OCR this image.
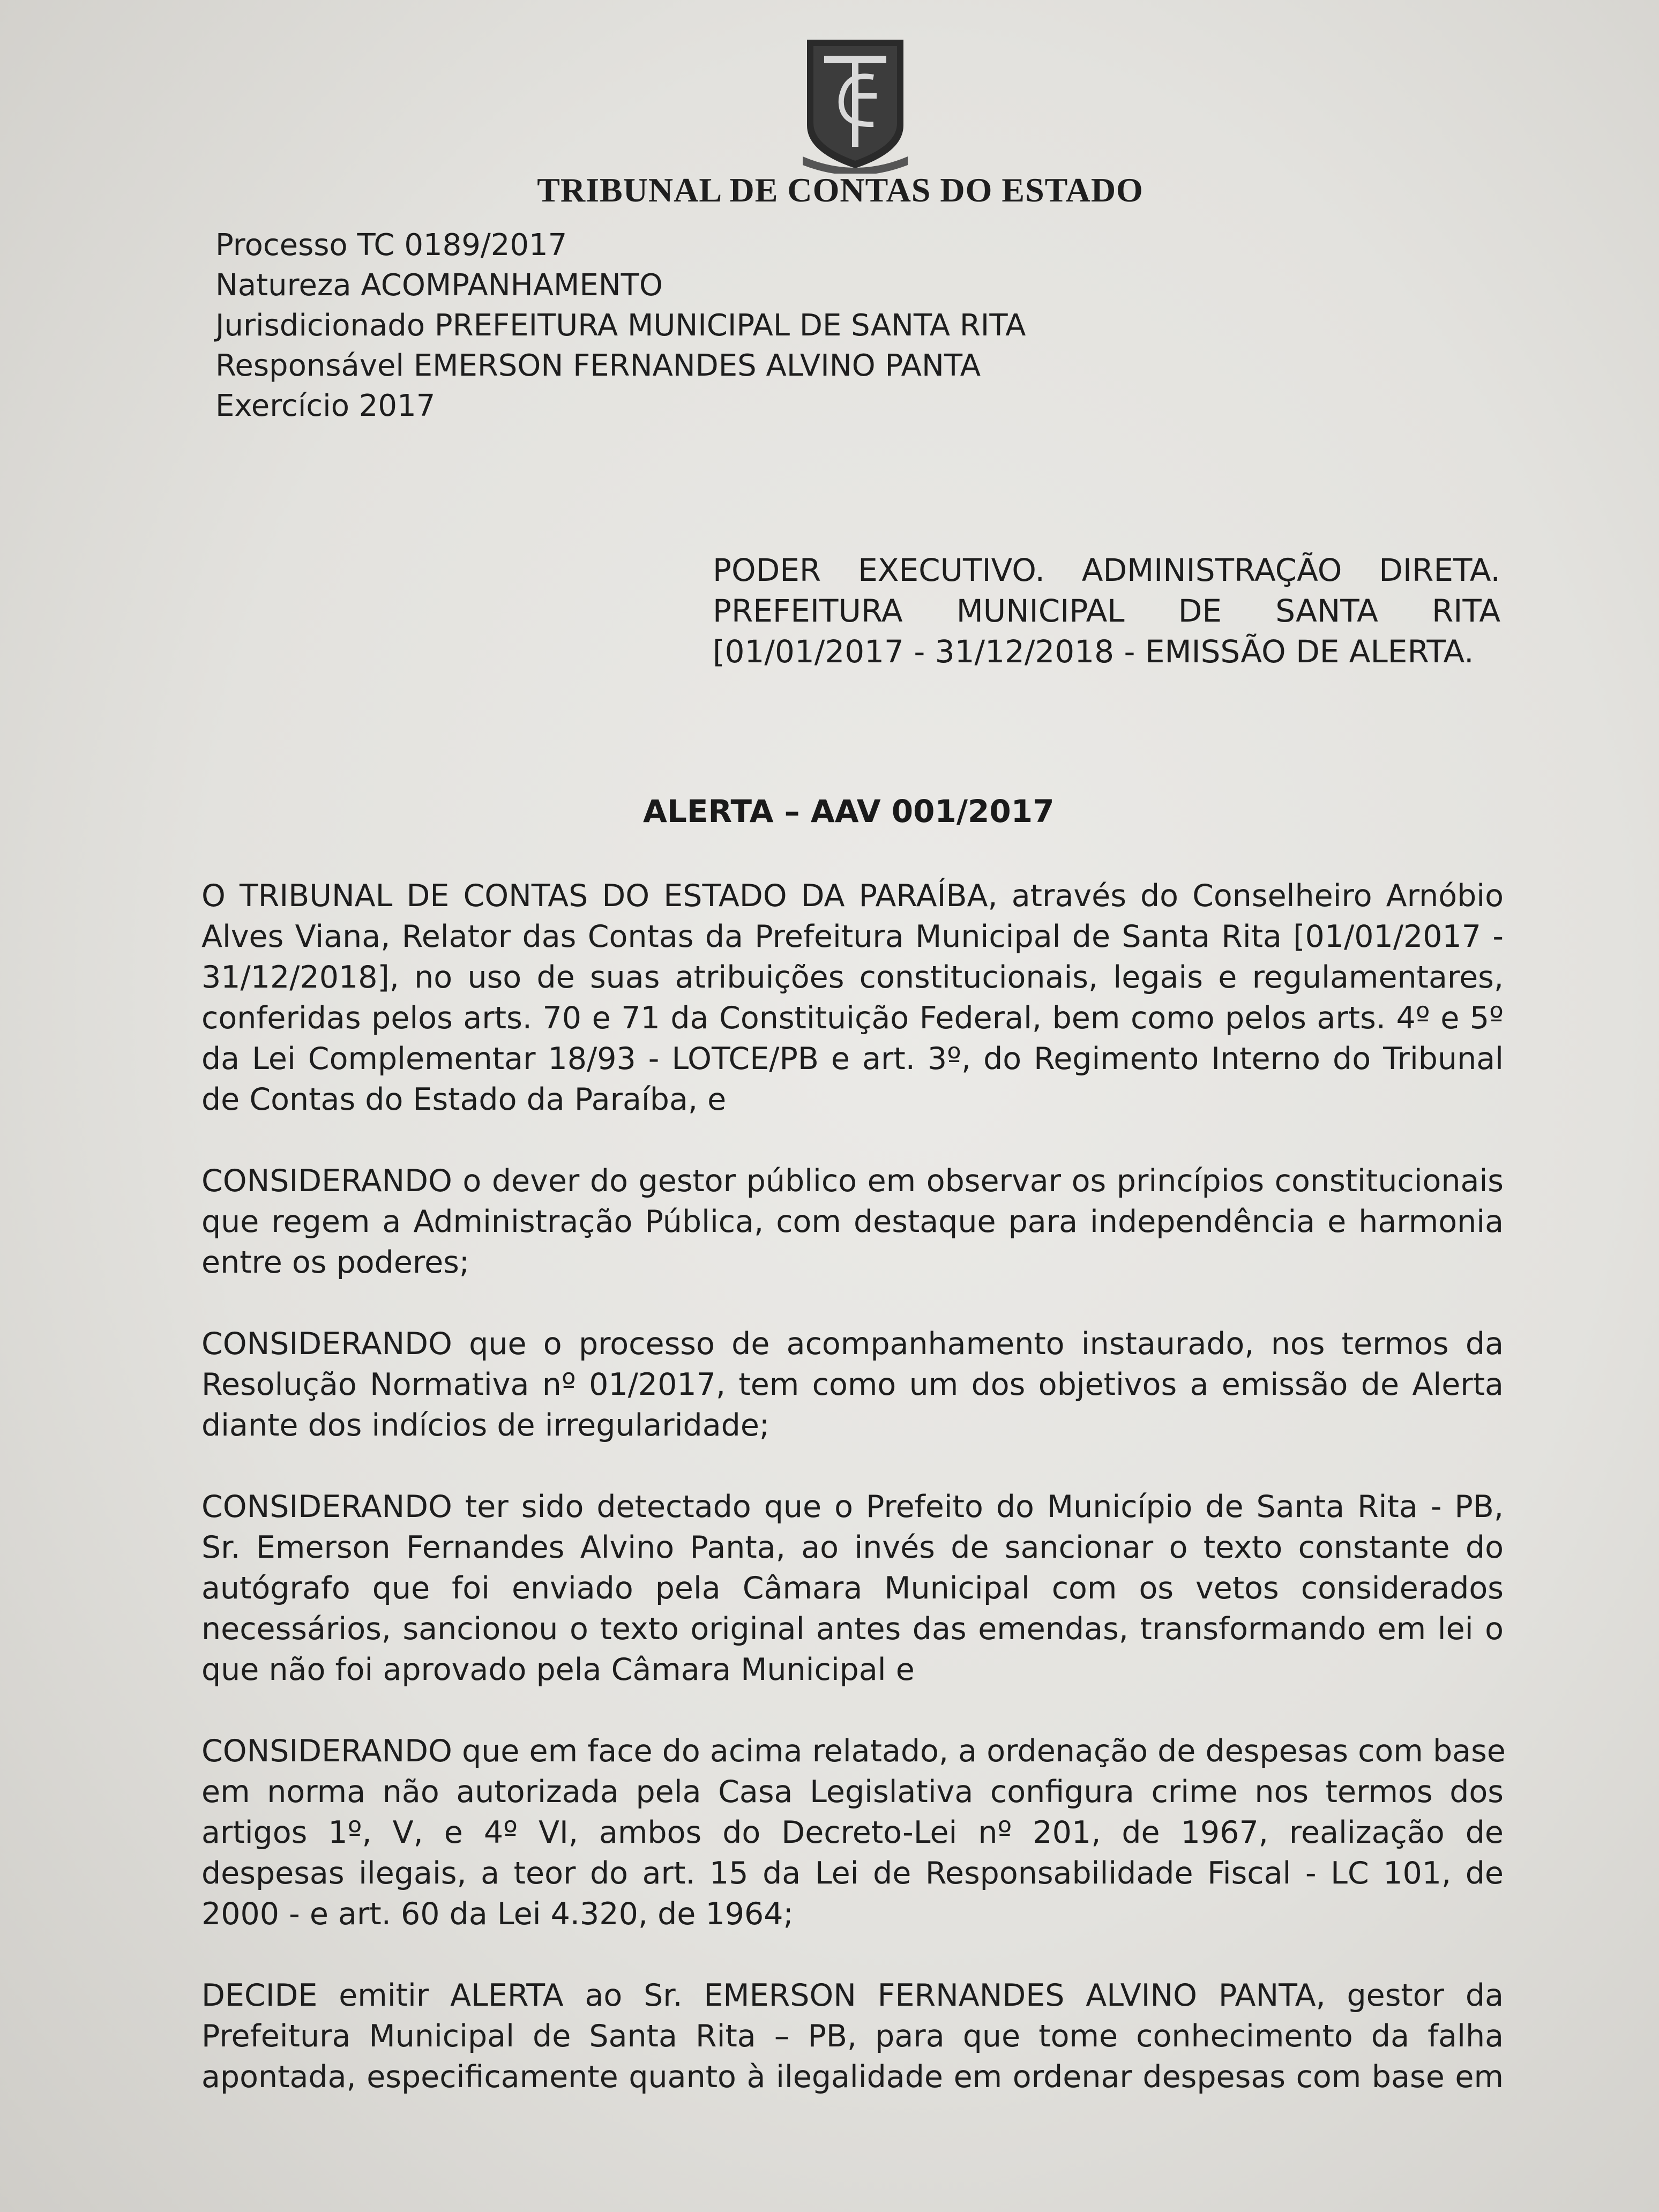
TRIBUNAL DE CONTAS DO ESTADO
Processo TC 0189/2017
Natureza ACOMPANHAMENTO
Jurisdicionado PREFEITURA MUNICIPAL DE SANTA RITA
Responsável EMERSON FERNANDES ALVINO PANTA
Exercício 2017
PODER EXECUTIVO. ADMINISTRAÇÃO DIRETA.
PREFEITURA MUNICIPAL DE SANTA RITA
[01/01/2017 - 31/12/2018 - EMISSÃO DE ALERTA.
ALERTA – AAV 001/2017
O TRIBUNAL DE CONTAS DO ESTADO DA PARAÍBA, através do Conselheiro Arnóbio
Alves Viana, Relator das Contas da Prefeitura Municipal de Santa Rita [01/01/2017 -
31/12/2018], no uso de suas atribuições constitucionais, legais e regulamentares,
conferidas pelos arts. 70 e 71 da Constituição Federal, bem como pelos arts. 4º e 5º
da Lei Complementar 18/93 - LOTCE/PB e art. 3º, do Regimento Interno do Tribunal
de Contas do Estado da Paraíba, e
CONSIDERANDO o dever do gestor público em observar os princípios constitucionais
que regem a Administração Pública, com destaque para independência e harmonia
entre os poderes;
CONSIDERANDO que o processo de acompanhamento instaurado, nos termos da
Resolução Normativa nº 01/2017, tem como um dos objetivos a emissão de Alerta
diante dos indícios de irregularidade;
CONSIDERANDO ter sido detectado que o Prefeito do Município de Santa Rita - PB,
Sr. Emerson Fernandes Alvino Panta, ao invés de sancionar o texto constante do
autógrafo que foi enviado pela Câmara Municipal com os vetos considerados
necessários, sancionou o texto original antes das emendas, transformando em lei o
que não foi aprovado pela Câmara Municipal e
CONSIDERANDO que em face do acima relatado, a ordenação de despesas com base
em norma não autorizada pela Casa Legislativa configura crime nos termos dos
artigos 1º, V, e 4º VI, ambos do Decreto-Lei nº 201, de 1967, realização de
despesas ilegais, a teor do art. 15 da Lei de Responsabilidade Fiscal - LC 101, de
2000 - e art. 60 da Lei 4.320, de 1964;
DECIDE emitir ALERTA ao Sr. EMERSON FERNANDES ALVINO PANTA, gestor da
Prefeitura Municipal de Santa Rita – PB, para que tome conhecimento da falha
apontada, especificamente quanto à ilegalidade em ordenar despesas com base em
